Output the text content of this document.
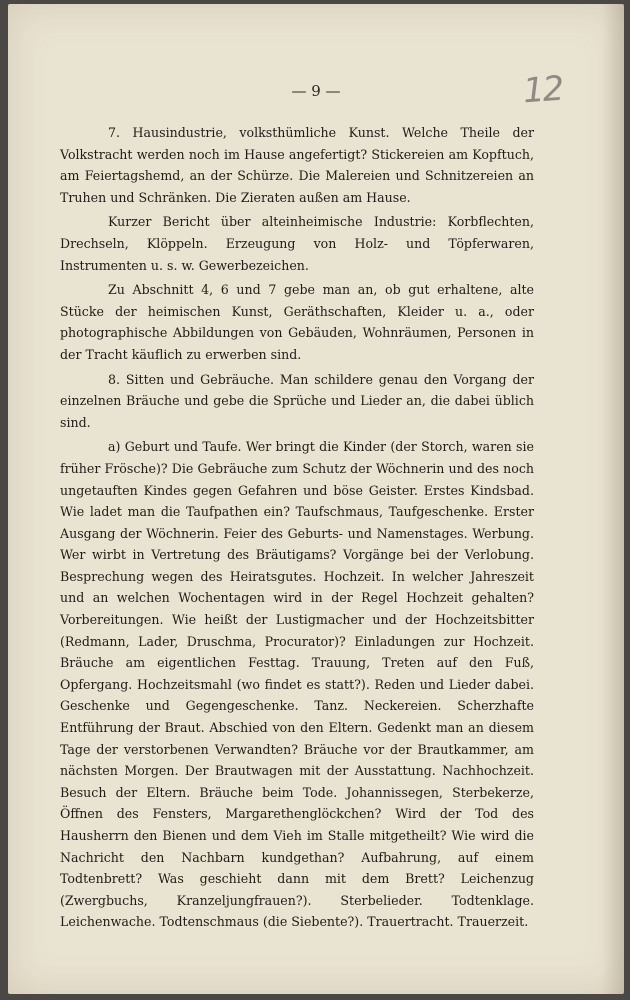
— 9 —	12

7. Hausindustrie, volksthümliche Kunst. Welche Theile der Volkstracht werden noch im Hause angefertigt? Stickereien am Kopftuch, am Feiertagshemd, an der Schürze. Die Malereien und Schnitzereien an Truhen und Schränken. Die Zieraten außen am Hause.

Kurzer Bericht über alteinheimische Industrie: Korbflechten, Drechseln, Klöppeln. Erzeugung von Holz- und Töpferwaren, Instrumenten u. s. w. Gewerbezeichen.

Zu Abschnitt 4, 6 und 7 gebe man an, ob gut erhaltene, alte Stücke der heimischen Kunst, Geräthschaften, Kleider u. a., oder photographische Abbildungen von Gebäuden, Wohnräumen, Personen in der Tracht käuflich zu erwerben sind.

8. Sitten und Gebräuche. Man schildere genau den Vorgang der einzelnen Bräuche und gebe die Sprüche und Lieder an, die dabei üblich sind.

a) Geburt und Taufe. Wer bringt die Kinder (der Storch, waren sie früher Frösche)? Die Gebräuche zum Schutz der Wöchnerin und des noch ungetauften Kindes gegen Gefahren und böse Geister. Erstes Kindsbad. Wie ladet man die Taufpathen ein? Taufschmaus, Taufgeschenke. Erster Ausgang der Wöchnerin. Feier des Geburts- und Namenstages. Werbung. Wer wirbt in Vertretung des Bräutigams? Vorgänge bei der Verlobung. Besprechung wegen des Heiratsgutes. Hochzeit. In welcher Jahreszeit und an welchen Wochentagen wird in der Regel Hochzeit gehalten? Vorbereitungen. Wie heißt der Lustigmacher und der Hochzeitsbitter (Redmann, Lader, Druschma, Procurator)? Einladungen zur Hochzeit. Bräuche am eigentlichen Festtag. Trauung, Treten auf den Fuß, Opfergang. Hochzeitsmahl (wo findet es statt?). Reden und Lieder dabei. Geschenke und Gegengeschenke. Tanz. Neckereien. Scherzhafte Entführung der Braut. Abschied von den Eltern. Gedenkt man an diesem Tage der verstorbenen Verwandten? Bräuche vor der Brautkammer, am nächsten Morgen. Der Brautwagen mit der Ausstattung. Nachhochzeit. Besuch der Eltern. Bräuche beim Tode. Johannissegen, Sterbekerze, Öffnen des Fensters, Margarethenglöckchen? Wird der Tod des Hausherrn den Bienen und dem Vieh im Stalle mitgetheilt? Wie wird die Nachricht den Nachbarn kundgethan? Aufbahrung, auf einem Todtenbrett? Was geschieht dann mit dem Brett? Leichenzug (Zwergbuchs, Kranzeljungfrauen?). Sterbelieder. Todtenklage. Leichenwache. Todtenschmaus (die Siebente?). Trauertracht. Trauerzeit.
